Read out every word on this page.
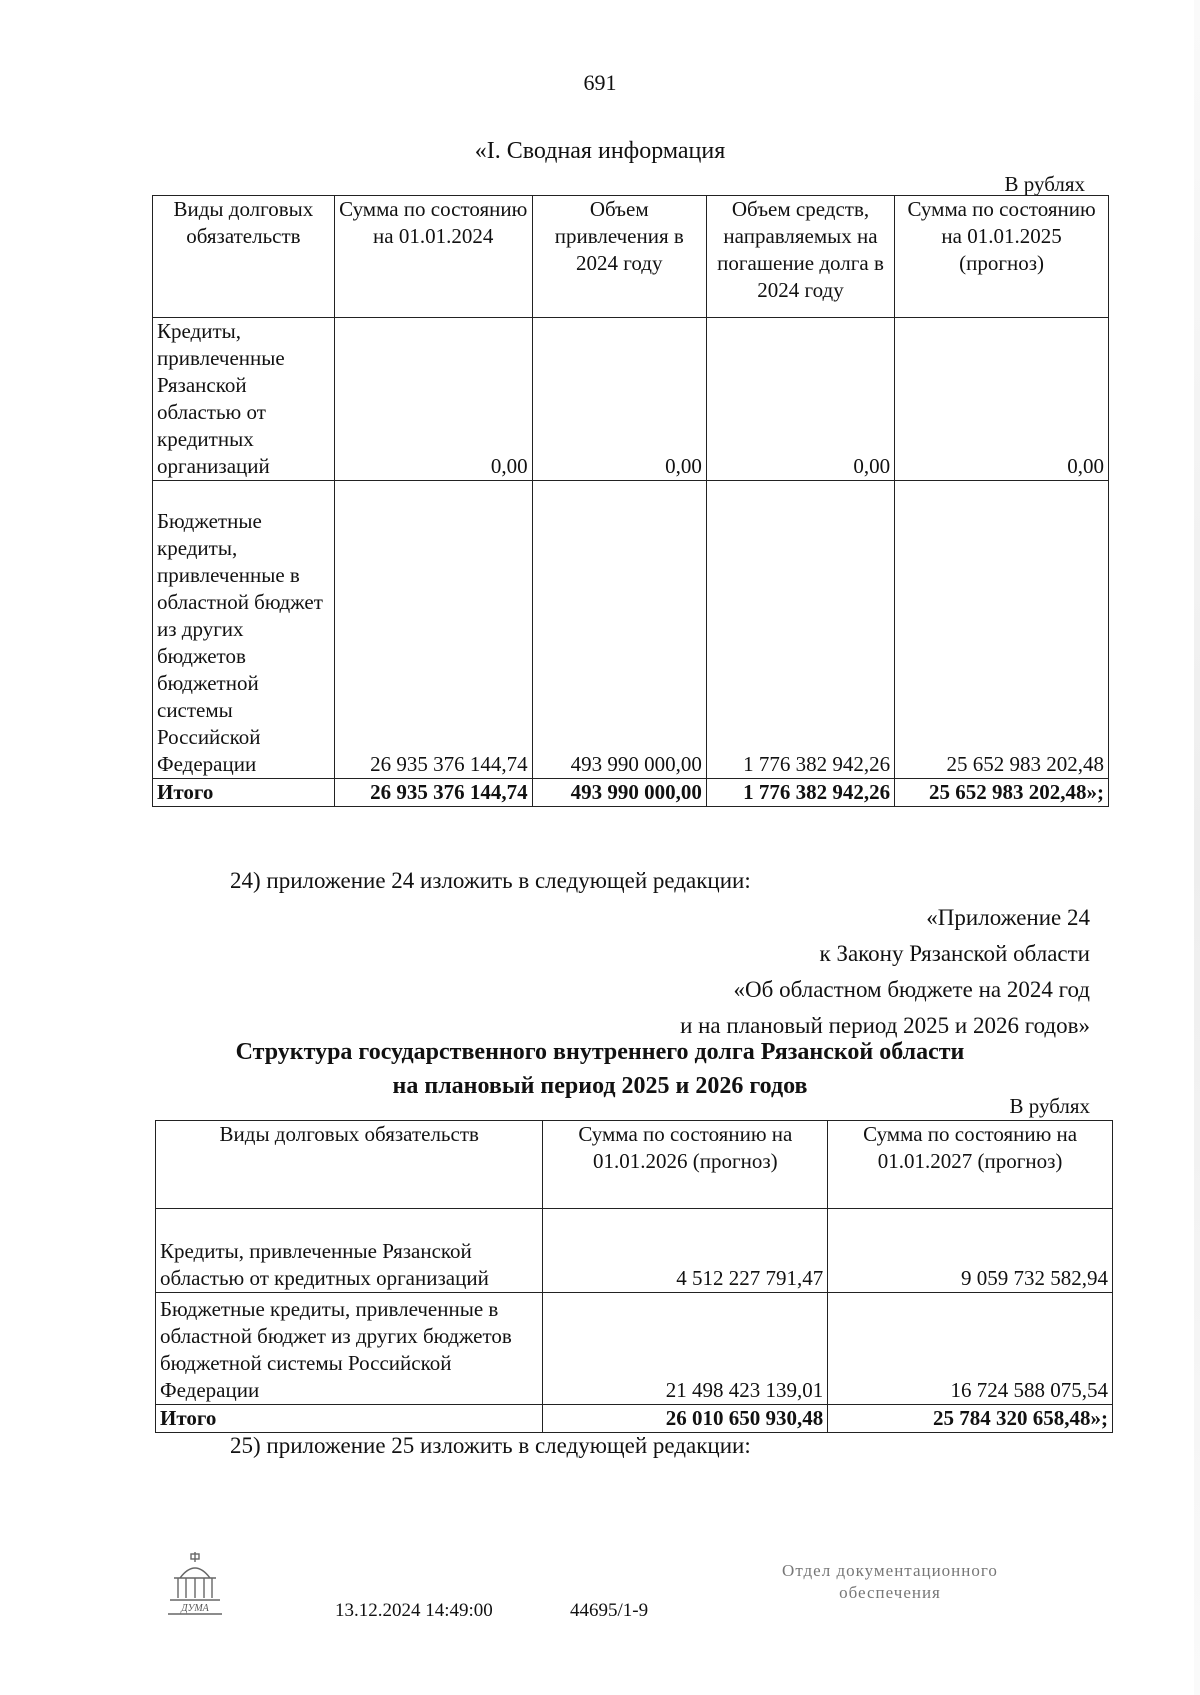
691
«I. Сводная информация
В рублях
Виды долговых обязательств	Сумма по состоянию на 01.01.2024	Объем привлечения в 2024 году	Объем средств, направляемых на погашение долга в 2024 году	Сумма по состоянию на 01.01.2025 (прогноз)
Кредиты, привлеченные Рязанской областью от кредитных организаций	0,00	0,00	0,00	0,00
Бюджетные кредиты, привлеченные в областной бюджет из других бюджетов бюджетной системы Российской Федерации	26 935 376 144,74	493 990 000,00	1 776 382 942,26	25 652 983 202,48
Итого	26 935 376 144,74	493 990 000,00	1 776 382 942,26	25 652 983 202,48»;
24) приложение 24 изложить в следующей редакции:
«Приложение 24
к Закону Рязанской области
«Об областном бюджете на 2024 год
и на плановый период 2025 и 2026 годов»
Структура государственного внутреннего долга Рязанской области
на плановый период 2025 и 2026 годов
В рублях
Виды долговых обязательств	Сумма по состоянию на 01.01.2026 (прогноз)	Сумма по состоянию на 01.01.2027 (прогноз)
Кредиты, привлеченные Рязанской областью от кредитных организаций	4 512 227 791,47	9 059 732 582,94
Бюджетные кредиты, привлеченные в областной бюджет из других бюджетов бюджетной системы Российской Федерации	21 498 423 139,01	16 724 588 075,54
Итого	26 010 650 930,48	25 784 320 658,48»;
25) приложение 25 изложить в следующей редакции:
ДУМА	13.12.2024 14:49:00	44695/1-9
Отдел документационного
обеспечения
